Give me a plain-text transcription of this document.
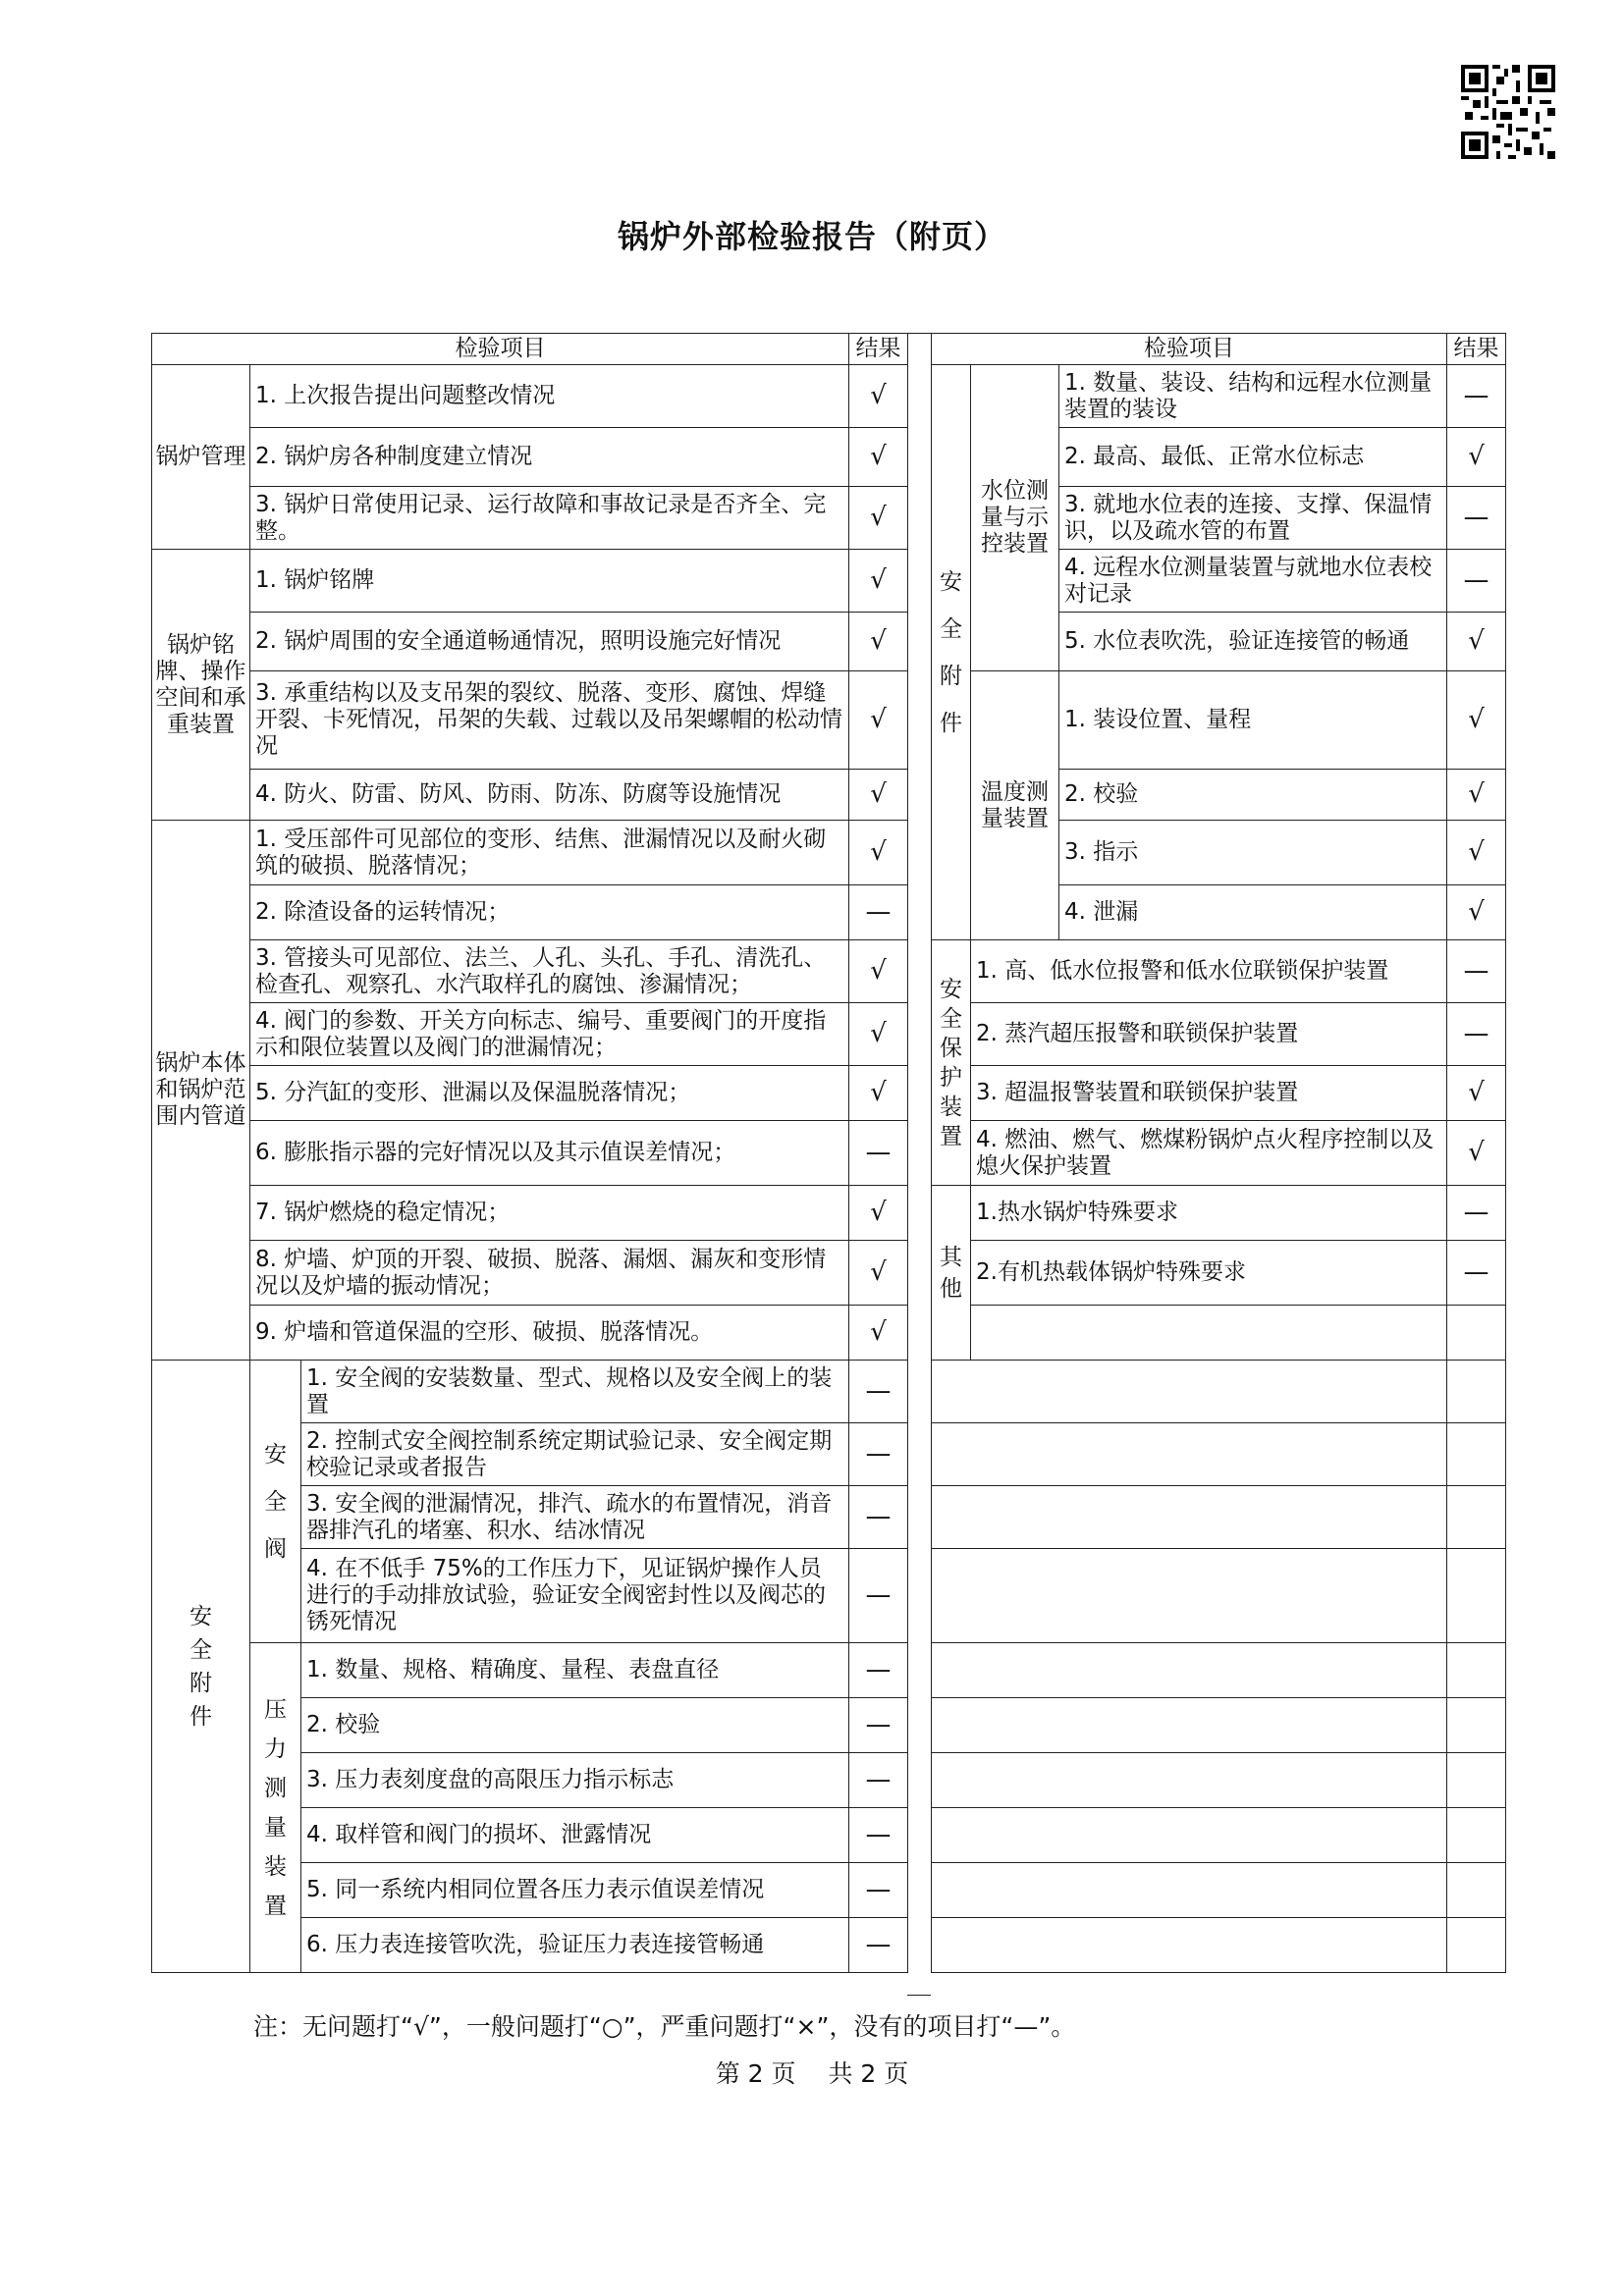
锅炉外部检验报告（附页）
检验项目			结果
锅炉管理	1. 上次报告提出问题整改情况		√
	2. 锅炉房各种制度建立情况		√
	3. 锅炉日常使用记录、运行故障和事故记录是否齐全、完整。		√
锅炉铭牌、操作空间和承重装置	1. 锅炉铭牌		√
	2. 锅炉周围的安全通道畅通情况，照明设施完好情况		√
	3. 承重结构以及支吊架的裂纹、脱落、变形、腐蚀、焊缝开裂、卡死情况，吊架的失载、过载以及吊架螺帽的松动情况		√
	4. 防火、防雷、防风、防雨、防冻、防腐等设施情况		√
锅炉本体和锅炉范围内管道	1. 受压部件可见部位的变形、结焦、泄漏情况以及耐火砌筑的破损、脱落情况；		√
	2. 除渣设备的运转情况；		—
	3. 管接头可见部位、法兰、人孔、头孔、手孔、清洗孔、检查孔、观察孔、水汽取样孔的腐蚀、渗漏情况；		√
	4. 阀门的参数、开关方向标志、编号、重要阀门的开度指示和限位装置以及阀门的泄漏情况；		√
	5. 分汽缸的变形、泄漏以及保温脱落情况；		√
	6. 膨胀指示器的完好情况以及其示值误差情况；		—
	7. 锅炉燃烧的稳定情况；		√
	8. 炉墙、炉顶的开裂、破损、脱落、漏烟、漏灰和变形情况以及炉墙的振动情况；		√
	9. 炉墙和管道保温的空形、破损、脱落情况。		√

安全附件	安全阀	1. 安全阀的安装数量、型式、规格以及安全阀上的装置	—
		2. 控制式安全阀控制系统定期试验记录、安全阀定期校验记录或者报告	—
		3. 安全阀的泄漏情况，排汽、疏水的布置情况，消音器排汽孔的堵塞、积水、结冰情况	—
		4. 在不低手 75%的工作压力下，见证锅炉操作人员进行的手动排放试验，验证安全阀密封性以及阀芯的锈死情况	—

	压力测量装置	1. 数量、规格、精确度、量程、表盘直径	—
		2. 校验	—
		3. 压力表刻度盘的高限压力指示标志	—
		4. 取样管和阀门的损坏、泄露情况	—
		5. 同一系统内相同位置各压力表示值误差情况	—
		6. 压力表连接管吹洗，验证压力表连接管畅通	—
检验项目			结果

安全附件	水位测量与示控装置	1. 数量、装设、结构和远程水位测量装置的装设	—
		2. 最高、最低、正常水位标志	√
		3. 就地水位表的连接、支撑、保温情识，以及疏水管的布置	—
		4. 远程水位测量装置与就地水位表校对记录	—
		5. 水位表吹洗，验证连接管的畅通	√
	温度测量装置	1. 装设位置、量程	√
		2. 校验	√
		3. 指示	√
		4. 泄漏	√

安全保护装置	1. 高、低水位报警和低水位联锁保护装置		—
	2. 蒸汽超压报警和联锁保护装置		—
	3. 超温报警装置和联锁保护装置		√
	4. 燃油、燃气、燃煤粉锅炉点火程序控制以及熄火保护装置		√

其他	1.热水锅炉特殊要求		—
	2.有机热载体锅炉特殊要求		—

注：无问题打“√”，一般问题打“○”，严重问题打“×”，没有的项目打“—”。
第 2 页　 共 2 页
